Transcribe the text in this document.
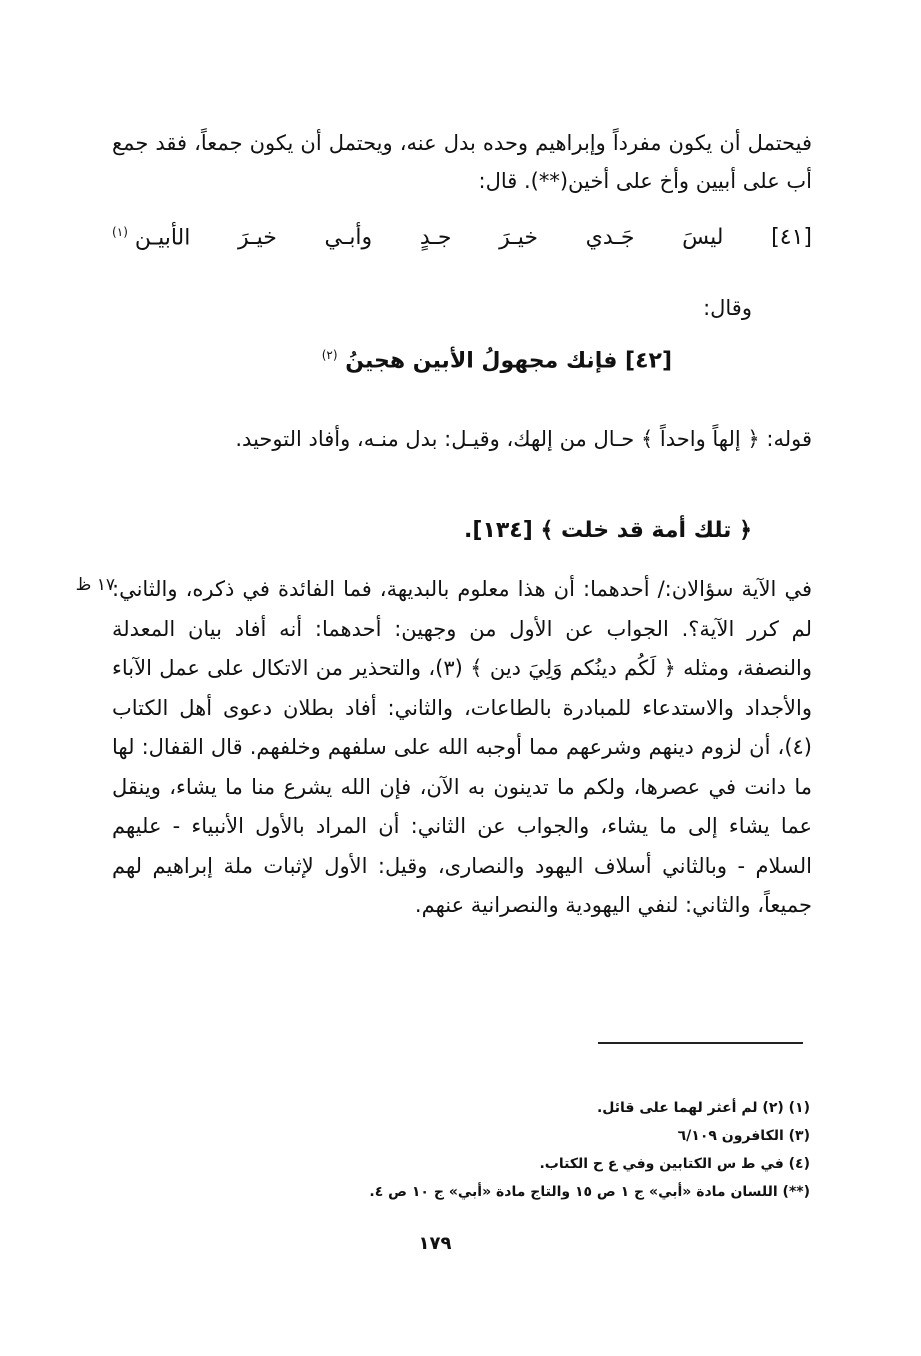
فيحتمل أن يكون مفرداً وإبراهيم وحده بدل عنه، ويحتمل أن يكون جمعاً، فقد جمع أب على أبيين وأخ على أخين(**). قال:
[٤١]
ليسَ
جَـدي
خيـرَ
جـدٍ
وأبـي
خيـرَ
الأبيـن $^{(١)}$
وقال:
[٤٢] فإنك مجهولُ الأبين هجينُ $^{(٢)}$
قوله: ﴿ إلهاً واحداً ﴾ حـال من إلهك، وقيـل: بدل منـه، وأفاد التوحيد.
﴿ تلك أمة قد خلت ﴾ [١٣٤].
في الآية سؤالان:/ أحدهما: أن هذا معلوم بالبديهة، فما الفائدة في ذكره، والثاني: لم كرر الآية؟. الجواب عن الأول من وجهين: أحدهما: أنه أفاد بيان المعدلة والنصفة، ومثله ﴿ لَكُم دينُكم وَلِيَ دين ﴾ (٣)، والتحذير من الاتكال على عمل الآباء والأجداد والاستدعاء للمبادرة بالطاعات، والثاني: أفاد بطلان دعوى أهل الكتاب (٤)، أن لزوم دينهم وشرعهم مما أوجبه الله على سلفهم وخلفهم. قال القفال: لها ما دانت في عصرها، ولكم ما تدينون به الآن، فإن الله يشرع منا ما يشاء، وينقل عما يشاء إلى ما يشاء، والجواب عن الثاني: أن المراد بالأول الأنبياء - عليهم السلام - وبالثاني أسلاف اليهود والنصارى، وقيل: الأول لإثبات ملة إبراهيم لهم جميعاً، والثاني: لنفي اليهودية والنصرانية عنهم.
١٧ ظ
(١) (٢) لم أعثر لهما على قائل.
(٣) الكافرون ٦/١٠٩
(٤) في ط س الكتابين وفي ع ح الكتاب.
(**) اللسان مادة «أبي» ج ١ ص ١٥ والتاج مادة «أبي» ج ١٠ ص ٤.
١٧٩
